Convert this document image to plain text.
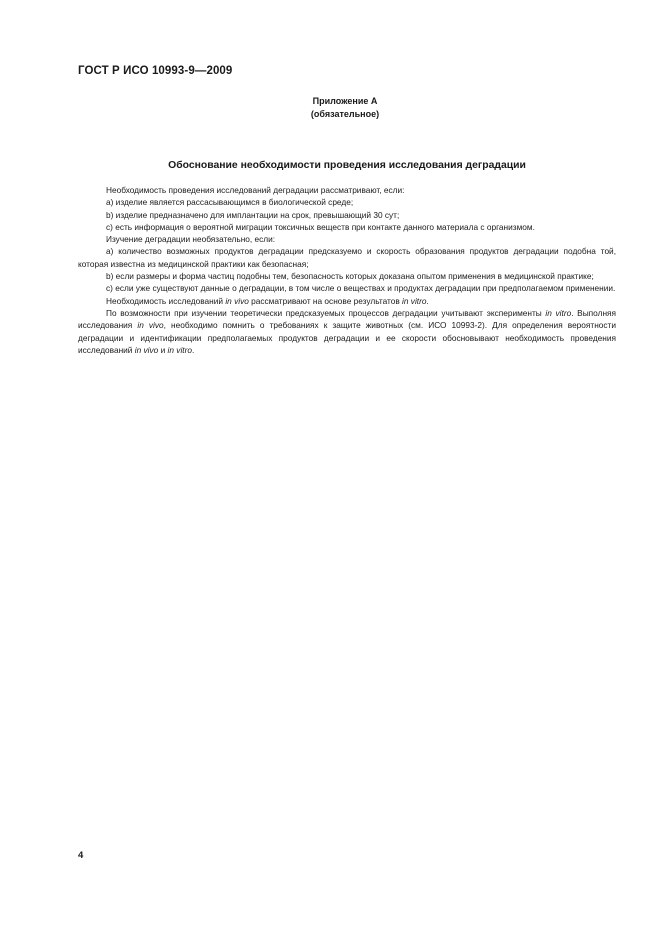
ГОСТ Р ИСО 10993-9—2009
Приложение А
(обязательное)
Обоснование необходимости проведения исследования деградации

Необходимость проведения исследований деградации рассматривают, если:

а) изделие является рассасывающимся в биологической среде;

b) изделие предназначено для имплантации на срок, превышающий 30 сут;

с) есть информация о вероятной миграции токсичных веществ при контакте данного материала с организмом.

Изучение деградации необязательно, если:

а) количество возможных продуктов деградации предсказуемо и скорость образования продуктов деградации подобна той, которая известна из медицинской практики как безопасная;

b) если размеры и форма частиц подобны тем, безопасность которых доказана опытом применения в медицинской практике;

с) если уже существуют данные о деградации, в том числе о веществах и продуктах деградации при предполагаемом применении.

Необходимость исследований in vivo рассматривают на основе результатов in vitro.

По возможности при изучении теоретически предсказуемых процессов деградации учитывают эксперименты in vitro. Выполняя исследования in vivo, необходимо помнить о требованиях к защите животных (см. ИСО 10993-2). Для определения вероятности деградации и идентификации предполагаемых продуктов деградации и ее скорости обосновывают необходимость проведения исследований in vivo и in vitro.

4
